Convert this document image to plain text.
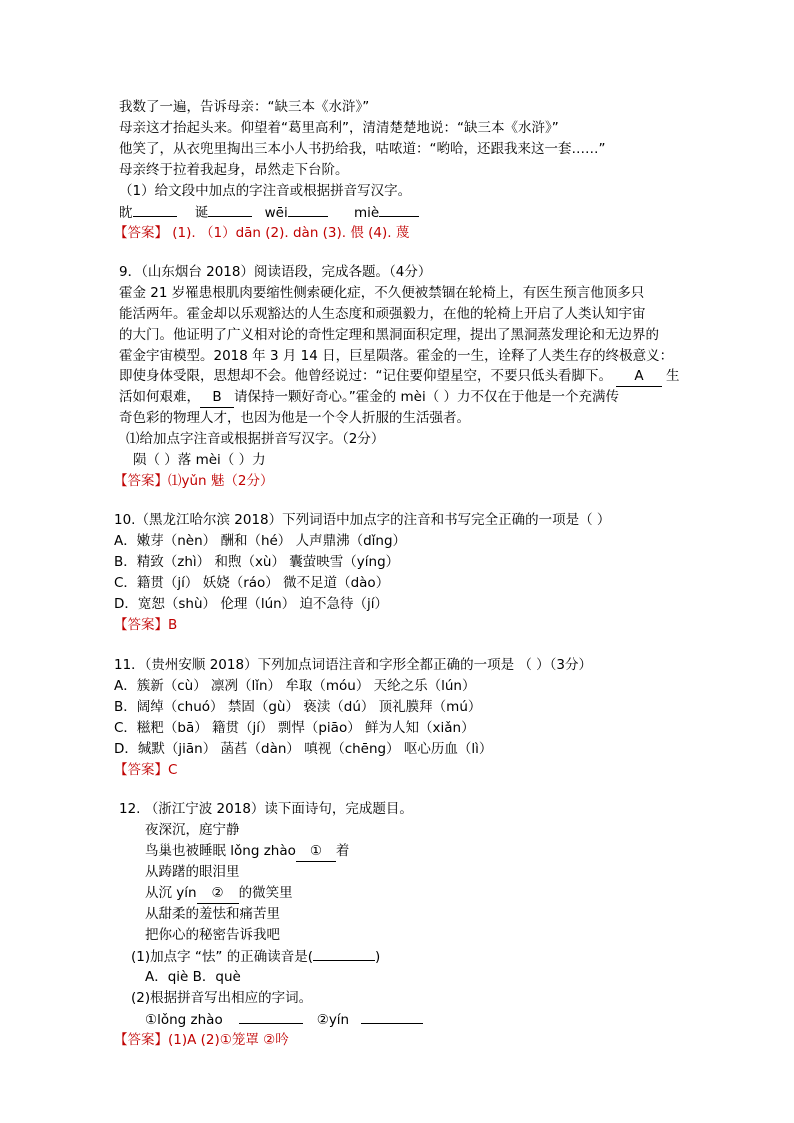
我数了一遍，告诉母亲：“缺三本《水浒》”
母亲这才抬起头来。仰望着“葛里高利”，清清楚楚地说：“缺三本《水浒》”
他笑了，从衣兜里掏出三本小人书扔给我，咕哝道：“哟哈，还跟我来这一套……”
母亲终于拉着我起身，昂然走下台阶。
（1）给文段中加点的字注音或根据拼音写汉字。
眈	诞	wēi	miè
【答案】 (1). （1）dān (2). dàn (3). 偎 (4). 蔑
9．（山东烟台 2018）阅读语段，完成各题。（4分）
霍金 21 岁罹患根肌肉要缩性侧索硬化症，不久便被禁锢在轮椅上，有医生预言他顶多只
能活两年。霍金却以乐观豁达的人生态度和顽强毅力，在他的轮椅上开启了人类认知宇宙
的大门。他证明了广义相对论的奇性定理和黑洞面积定理，提出了黑洞蒸发理论和无边界的
霍金宇宙模型。2018 年 3 月 14 日，巨星陨落。霍金的一生，诠释了人类生存的终极意义：
即使身体受限，思想却不会。他曾经说过：“记住要仰望星空，不要只低头看脚下。 A 生
活如何艰难， B 请保持一颗好奇心。”霍金的 mèi（ ）力不仅在于他是一个充满传
奇色彩的物理人才，也因为他是一个令人折服的生活强者。
⑴给加点字注音或根据拼音写汉字。（2分）
陨（ ）落 mèi（ ）力
【答案】⑴yǔn 魅（2分）
10.（黑龙江哈尔滨 2018）下列词语中加点字的注音和书写完全正确的一项是（ ）
A．嫩芽（nèn） 酬和（hé） 人声鼎沸（dǐng）
B．精致（zhì） 和煦（xù） 囊萤映雪（yíng）
C．籍贯（jí） 妖娆（ráo） 微不足道（dào）
D．宽恕（shù） 伦理（lún） 迫不急待（jí）
【答案】B
11．（贵州安顺 2018）下列加点词语注音和字形全都正确的一项是 （ ）（3分）
A．簇新（cù） 凛冽（lǐn） 牟取（móu） 天纶之乐（lún）
B．阔绰（chuó） 禁固（gù） 亵渎（dú） 顶礼膜拜（mú）
C．糍粑（bā） 籍贯（jí） 剽悍（piāo） 鲜为人知（xiǎn）
D．缄默（jiān） 菡萏（dàn） 嗔视（chēng） 呕心历血（lì）
【答案】C
12. （浙江宁波 2018）读下面诗句，完成题目。
夜深沉，庭宁静
鸟巢也被睡眠 lǒng zhào ① 着
从踌躇的眼泪里
从沉 yín ② 的微笑里
从甜柔的羞怯和痛苦里
把你心的秘密告诉我吧
(1)加点字 “怯” 的正确读音是(	)
A．qiè B．què
(2)根据拼音写出相应的字词。
①lǒng zhào	②yín
【答案】(1)A (2)①笼罩 ②吟
